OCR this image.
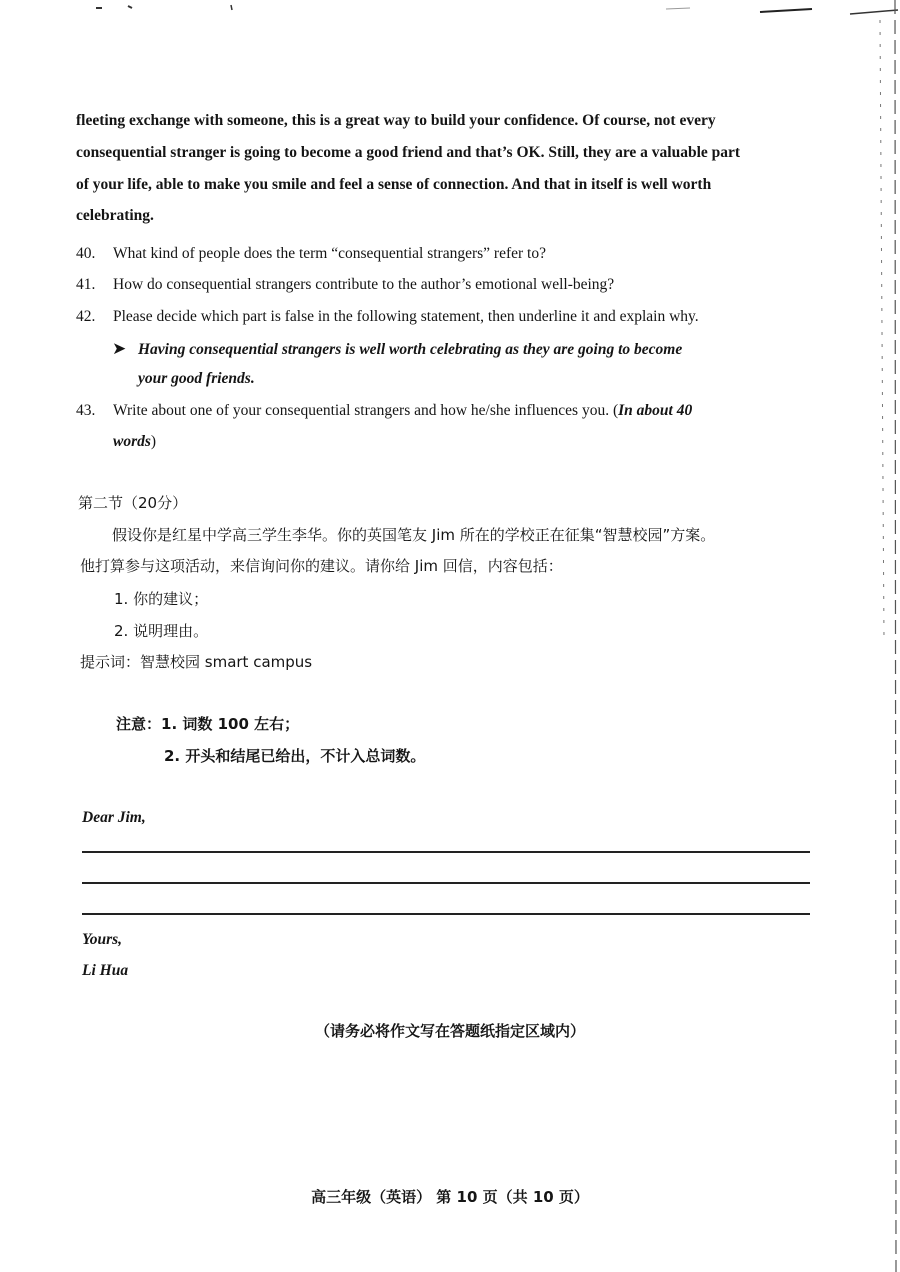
fleeting exchange with someone, this is a great way to build your confidence. Of course, not every

consequential stranger is going to become a good friend and that’s OK. Still, they are a valuable part

of your life, able to make you smile and feel a sense of connection. And that in itself is well worth

celebrating.

40. What kind of people does the term “consequential strangers” refer to?

41. How do consequential strangers contribute to the author’s emotional well-being?

42. Please decide which part is false in the following statement, then underline it and explain why.

➤ Having consequential strangers is well worth celebrating as they are going to become
your good friends.
43. Write about one of your consequential strangers and how he/she influences you. (In about 40
words)

第二节（20分）

假设你是红星中学高三学生李华。你的英国笔友 Jim 所在的学校正在征集“智慧校园”方案。

他打算参与这项活动，来信询问你的建议。请你给 Jim 回信，内容包括：

1. 你的建议；

2. 说明理由。

提示词：智慧校园 smart campus

注意：1. 词数 100 左右；

2. 开头和结尾已给出，不计入总词数。

Dear Jim,

Yours,

Li Hua

（请务必将作文写在答题纸指定区域内）

高三年级（英语） 第 10 页（共 10 页）
